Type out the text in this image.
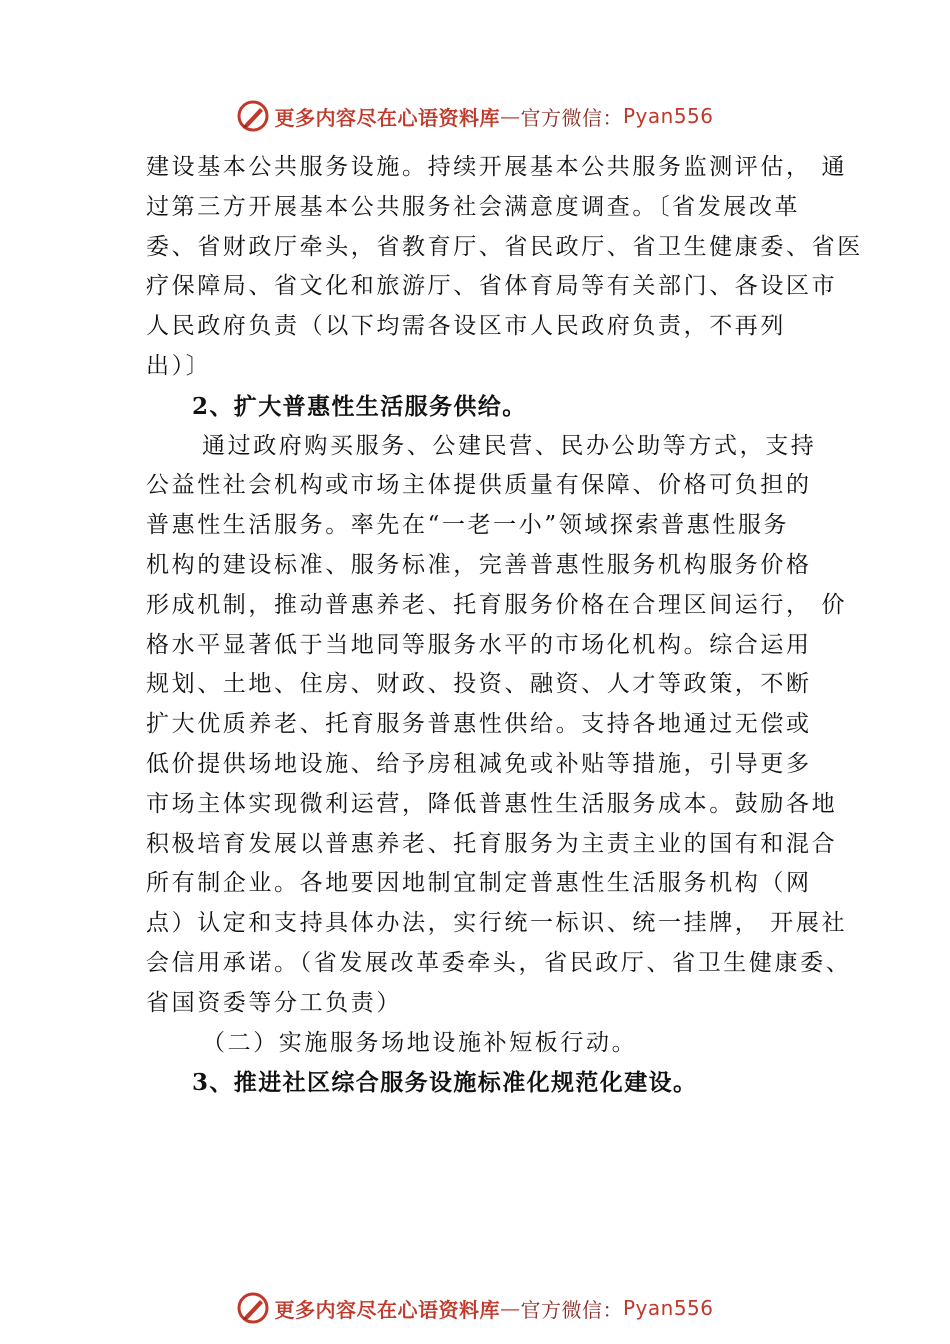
更多内容尽在心语资料库 — 官方微信： Pyan556
建设基本公共服务设施。持续开展基本公共服务监测评估， 通
过第三方开展基本公共服务社会满意度调查。〔省发展改革
委、省财政厅牵头，省教育厅、省民政厅、省卫生健康委、省医
疗保障局、省文化和旅游厅、省体育局等有关部门、各设区市
人民政府负责（以下均需各设区市人民政府负责，不再列
出）〕
2、扩大普惠性生活服务供给。
通过政府购买服务、公建民营、民办公助等方式，支持
公益性社会机构或市场主体提供质量有保障、价格可负担的
普惠性生活服务。率先在“一老一小”领域探索普惠性服务
机构的建设标准、服务标准，完善普惠性服务机构服务价格
形成机制，推动普惠养老、托育服务价格在合理区间运行， 价
格水平显著低于当地同等服务水平的市场化机构。综合运用
规划、土地、住房、财政、投资、融资、人才等政策，不断
扩大优质养老、托育服务普惠性供给。支持各地通过无偿或
低价提供场地设施、给予房租减免或补贴等措施，引导更多
市场主体实现微利运营，降低普惠性生活服务成本。鼓励各地
积极培育发展以普惠养老、托育服务为主责主业的国有和混合
所有制企业。各地要因地制宜制定普惠性生活服务机构（网
点）认定和支持具体办法，实行统一标识、统一挂牌， 开展社
会信用承诺。（省发展改革委牵头，省民政厅、省卫生健康委、
省国资委等分工负责）
（二）实施服务场地设施补短板行动。
3、推进社区综合服务设施标准化规范化建设。
更多内容尽在心语资料库 — 官方微信： Pyan556
